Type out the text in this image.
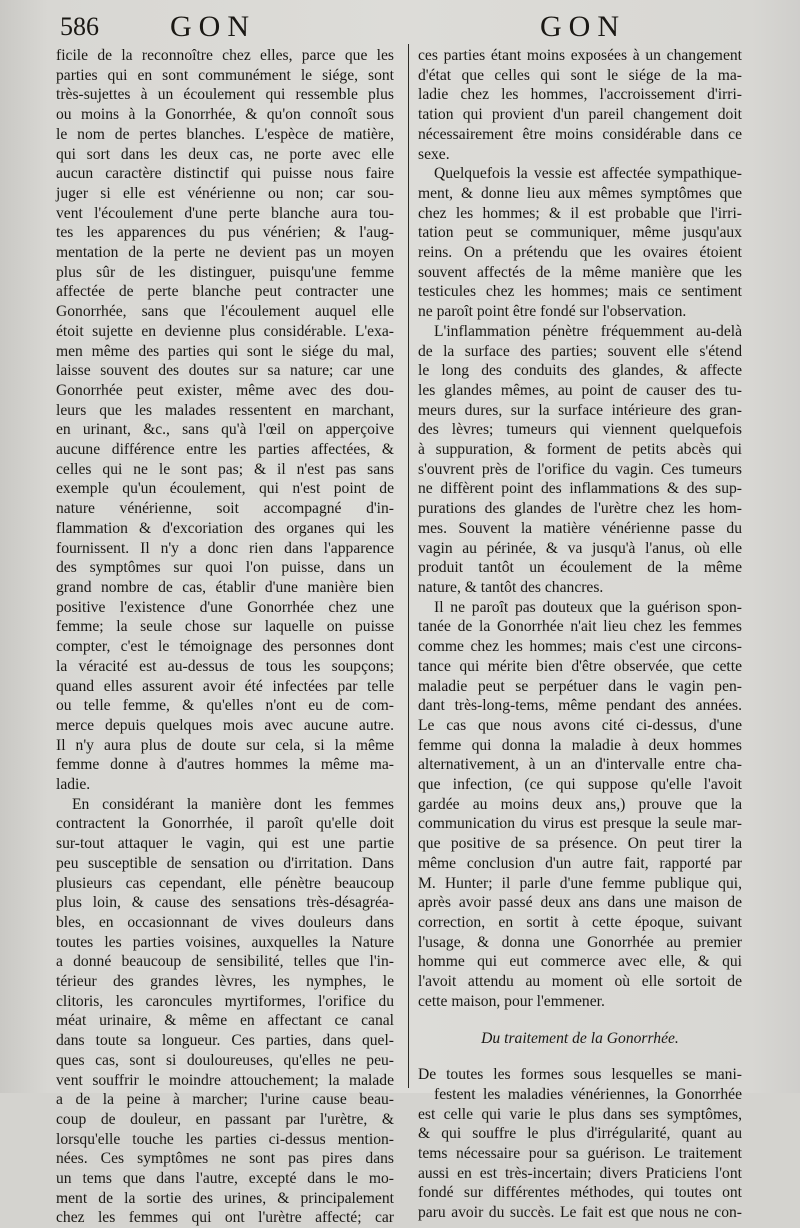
586 GON	GON

ficile de la reconnoître chez elles, parce que les

parties qui en sont communément le siége, sont

très-sujettes à un écoulement qui ressemble plus

ou moins à la Gonorrhée, & qu'on connoît sous

le nom de pertes blanches. L'espèce de matière,

qui sort dans les deux cas, ne porte avec elle

aucun caractère distinctif qui puisse nous faire

juger si elle est vénérienne ou non; car sou-

vent l'écoulement d'une perte blanche aura tou-

tes les apparences du pus vénérien; & l'aug-

mentation de la perte ne devient pas un moyen

plus sûr de les distinguer, puisqu'une femme

affectée de perte blanche peut contracter une

Gonorrhée, sans que l'écoulement auquel elle

étoit sujette en devienne plus considérable. L'exa-

men même des parties qui sont le siége du mal,

laisse souvent des doutes sur sa nature; car une

Gonorrhée peut exister, même avec des dou-

leurs que les malades ressentent en marchant,

en urinant, &c., sans qu'à l'œil on apperçoive

aucune différence entre les parties affectées, &

celles qui ne le sont pas; & il n'est pas sans

exemple qu'un écoulement, qui n'est point de

nature vénérienne, soit accompagné d'in-

flammation & d'excoriation des organes qui les

fournissent. Il n'y a donc rien dans l'apparence

des symptômes sur quoi l'on puisse, dans un

grand nombre de cas, établir d'une manière bien

positive l'existence d'une Gonorrhée chez une

femme; la seule chose sur laquelle on puisse

compter, c'est le témoignage des personnes dont

la véracité est au-dessus de tous les soupçons;

quand elles assurent avoir été infectées par telle

ou telle femme, & qu'elles n'ont eu de com-

merce depuis quelques mois avec aucune autre.

Il n'y aura plus de doute sur cela, si la même

femme donne à d'autres hommes la même ma-

ladie.

En considérant la manière dont les femmes

contractent la Gonorrhée, il paroît qu'elle doit

sur-tout attaquer le vagin, qui est une partie

peu susceptible de sensation ou d'irritation. Dans

plusieurs cas cependant, elle pénètre beaucoup

plus loin, & cause des sensations très-désagréa-

bles, en occasionnant de vives douleurs dans

toutes les parties voisines, auxquelles la Nature

a donné beaucoup de sensibilité, telles que l'in-

térieur des grandes lèvres, les nymphes, le

clitoris, les caroncules myrtiformes, l'orifice du

méat urinaire, & même en affectant ce canal

dans toute sa longueur. Ces parties, dans quel-

ques cas, sont si douloureuses, qu'elles ne peu-

vent souffrir le moindre attouchement; la malade

a de la peine à marcher; l'urine cause beau-

coup de douleur, en passant par l'urètre, &

lorsqu'elle touche les parties ci-dessus mention-

nées. Ces symptômes ne sont pas pires dans

un tems que dans l'autre, excepté dans le mo-

ment de la sortie des urines, & principalement

chez les femmes qui ont l'urètre affecté; car

ces parties étant moins exposées à un changement

d'état que celles qui sont le siége de la ma-

ladie chez les hommes, l'accroissement d'irri-

tation qui provient d'un pareil changement doit

nécessairement être moins considérable dans ce

sexe.

Quelquefois la vessie est affectée sympathique-

ment, & donne lieu aux mêmes symptômes que

chez les hommes; & il est probable que l'irri-

tation peut se communiquer, même jusqu'aux

reins. On a prétendu que les ovaires étoient

souvent affectés de la même manière que les

testicules chez les hommes; mais ce sentiment

ne paroît point être fondé sur l'observation.

L'inflammation pénètre fréquemment au-delà

de la surface des parties; souvent elle s'étend

le long des conduits des glandes, & affecte

les glandes mêmes, au point de causer des tu-

meurs dures, sur la surface intérieure des gran-

des lèvres; tumeurs qui viennent quelquefois

à suppuration, & forment de petits abcès qui

s'ouvrent près de l'orifice du vagin. Ces tumeurs

ne diffèrent point des inflammations & des sup-

purations des glandes de l'urètre chez les hom-

mes. Souvent la matière vénérienne passe du

vagin au périnée, & va jusqu'à l'anus, où elle

produit tantôt un écoulement de la même

nature, & tantôt des chancres.

Il ne paroît pas douteux que la guérison spon-

tanée de la Gonorrhée n'ait lieu chez les femmes

comme chez les hommes; mais c'est une circons-

tance qui mérite bien d'être observée, que cette

maladie peut se perpétuer dans le vagin pen-

dant très-long-tems, même pendant des années.

Le cas que nous avons cité ci-dessus, d'une

femme qui donna la maladie à deux hommes

alternativement, à un an d'intervalle entre cha-

que infection, (ce qui suppose qu'elle l'avoit

gardée au moins deux ans,) prouve que la

communication du virus est presque la seule mar-

que positive de sa présence. On peut tirer la

même conclusion d'un autre fait, rapporté par

M. Hunter; il parle d'une femme publique qui,

après avoir passé deux ans dans une maison de

correction, en sortit à cette époque, suivant

l'usage, & donna une Gonorrhée au premier

homme qui eut commerce avec elle, & qui

l'avoit attendu au moment où elle sortoit de

cette maison, pour l'emmener.

Du traitement de la Gonorrhée.

De toutes les formes sous lesquelles se mani-

festent les maladies vénériennes, la Gonorrhée

est celle qui varie le plus dans ses symptômes,

& qui souffre le plus d'irrégularité, quant au

tems nécessaire pour sa guérison. Le traitement

aussi en est très-incertain; divers Praticiens l'ont

fondé sur différentes méthodes, qui toutes ont

paru avoir du succès. Le fait est que nous ne con-
